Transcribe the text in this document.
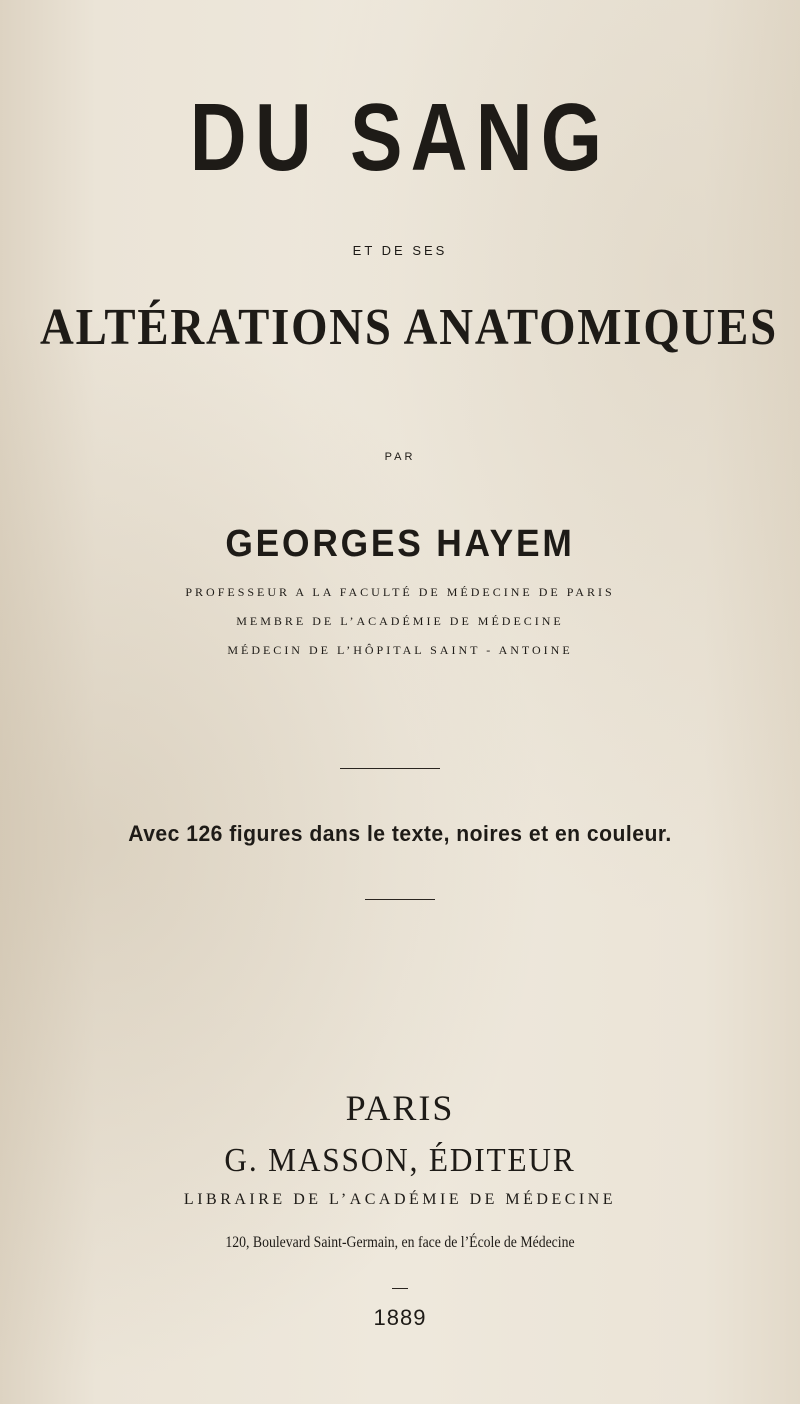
DU SANG
ET DE SES
ALTÉRATIONS ANATOMIQUES
PAR
GEORGES HAYEM
PROFESSEUR A LA FACULTÉ DE MÉDECINE DE PARIS
MEMBRE DE L’ACADÉMIE DE MÉDECINE
MÉDECIN DE L’HÔPITAL SAINT - ANTOINE
Avec 126 figures dans le texte, noires et en couleur.
PARIS
G. MASSON, ÉDITEUR
LIBRAIRE DE L’ACADÉMIE DE MÉDECINE
120, Boulevard Saint-Germain, en face de l’École de Médecine
1889
